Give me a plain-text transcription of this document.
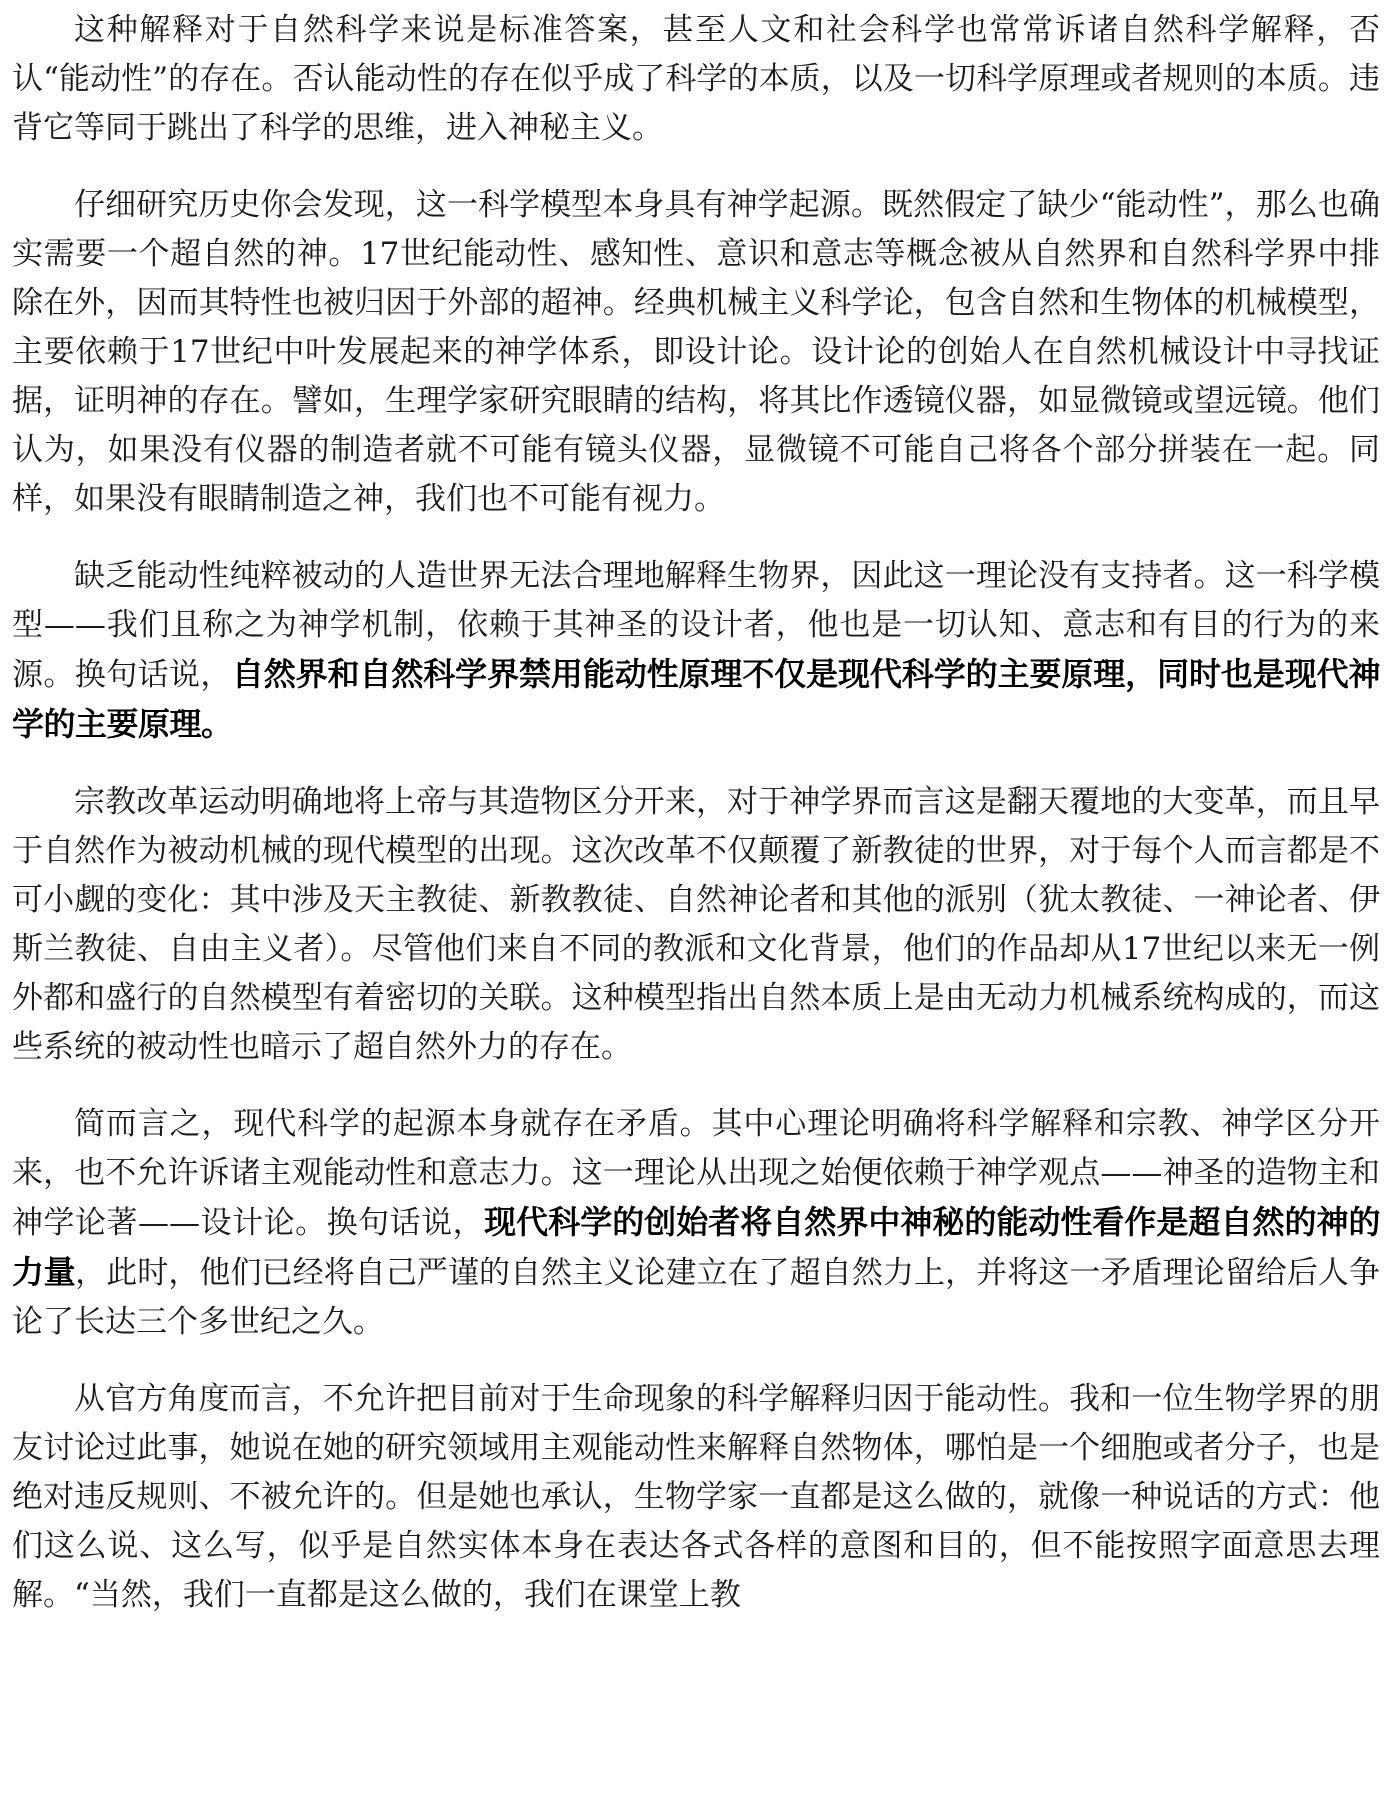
这种解释对于自然科学来说是标准答案，甚至人文和社会科学也常常诉诸自然科学解释，否认“能动性”的存在。否认能动性的存在似乎成了科学的本质，以及一切科学原理或者规则的本质。违背它等同于跳出了科学的思维，进入神秘主义。

仔细研究历史你会发现，这一科学模型本身具有神学起源。既然假定了缺少“能动性”，那么也确实需要一个超自然的神。17世纪能动性、感知性、意识和意志等概念被从自然界和自然科学界中排除在外，因而其特性也被归因于外部的超神。经典机械主义科学论，包含自然和生物体的机械模型，主要依赖于17世纪中叶发展起来的神学体系，即设计论。设计论的创始人在自然机械设计中寻找证据，证明神的存在。譬如，生理学家研究眼睛的结构，将其比作透镜仪器，如显微镜或望远镜。他们认为，如果没有仪器的制造者就不可能有镜头仪器，显微镜不可能自己将各个部分拼装在一起。同样，如果没有眼睛制造之神，我们也不可能有视力。

缺乏能动性纯粹被动的人造世界无法合理地解释生物界，因此这一理论没有支持者。这一科学模型——我们且称之为神学机制，依赖于其神圣的设计者，他也是一切认知、意志和有目的行为的来源。换句话说，自然界和自然科学界禁用能动性原理不仅是现代科学的主要原理，同时也是现代神学的主要原理。

宗教改革运动明确地将上帝与其造物区分开来，对于神学界而言这是翻天覆地的大变革，而且早于自然作为被动机械的现代模型的出现。这次改革不仅颠覆了新教徒的世界，对于每个人而言都是不可小觑的变化：其中涉及天主教徒、新教教徒、自然神论者和其他的派别（犹太教徒、一神论者、伊斯兰教徒、自由主义者）。尽管他们来自不同的教派和文化背景，他们的作品却从17世纪以来无一例外都和盛行的自然模型有着密切的关联。这种模型指出自然本质上是由无动力机械系统构成的，而这些系统的被动性也暗示了超自然外力的存在。

简而言之，现代科学的起源本身就存在矛盾。其中心理论明确将科学解释和宗教、神学区分开来，也不允许诉诸主观能动性和意志力。这一理论从出现之始便依赖于神学观点——神圣的造物主和神学论著——设计论。换句话说，现代科学的创始者将自然界中神秘的能动性看作是超自然的神的力量，此时，他们已经将自己严谨的自然主义论建立在了超自然力上，并将这一矛盾理论留给后人争论了长达三个多世纪之久。

从官方角度而言，不允许把目前对于生命现象的科学解释归因于能动性。我和一位生物学界的朋友讨论过此事，她说在她的研究领域用主观能动性来解释自然物体，哪怕是一个细胞或者分子，也是绝对违反规则、不被允许的。但是她也承认，生物学家一直都是这么做的，就像一种说话的方式：他们这么说、这么写，似乎是自然实体本身在表达各式各样的意图和目的，但不能按照字面意思去理解。“当然，我们一直都是这么做的，我们在课堂上教
